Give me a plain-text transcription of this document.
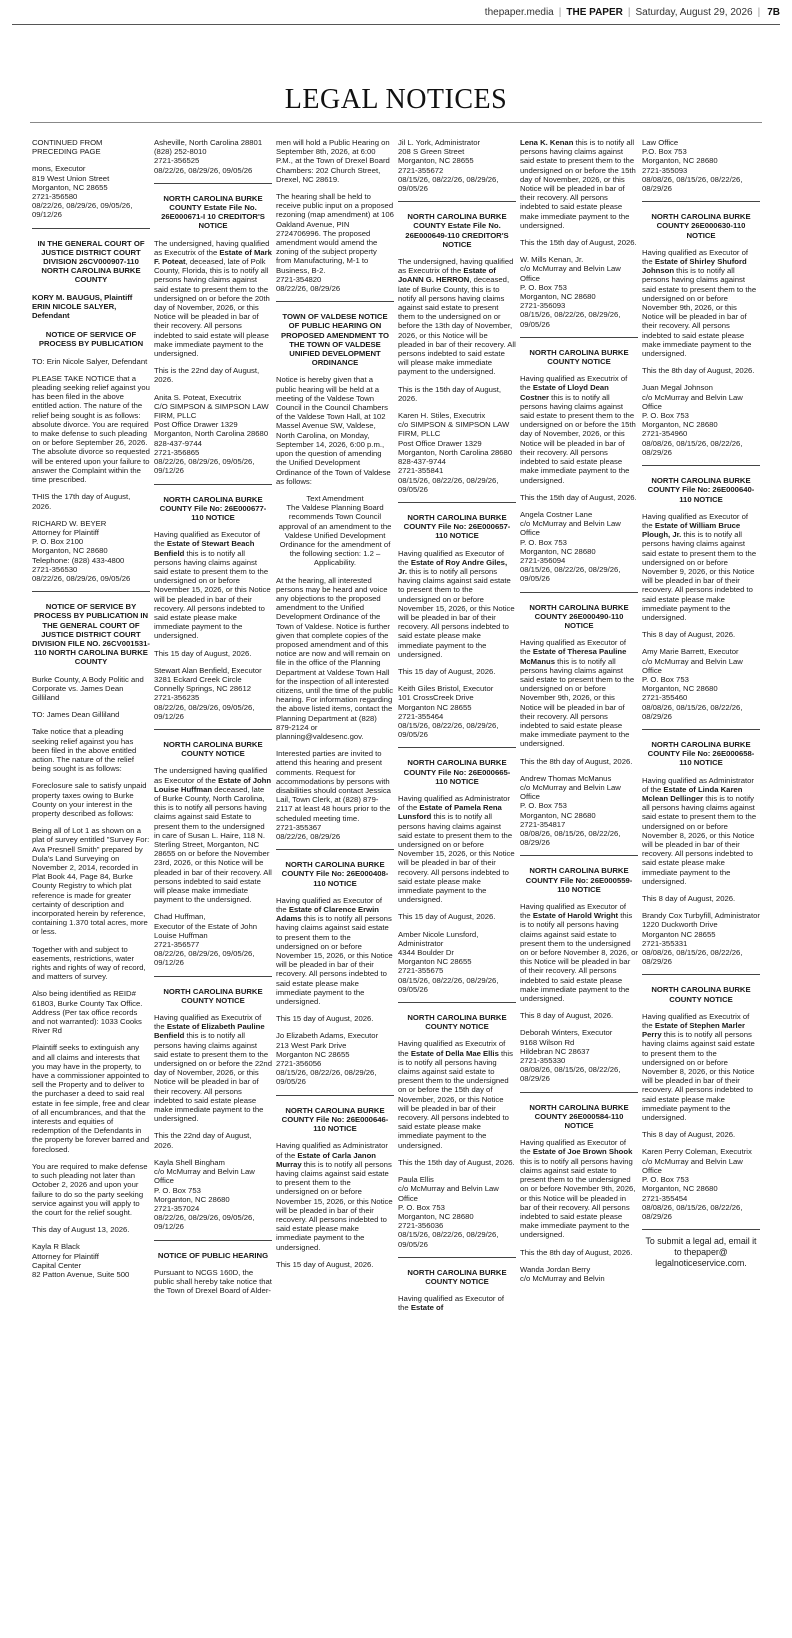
thepaper.media | THE PAPER | Saturday, August 29, 2026 | 7B
LEGAL NOTICES

CONTINUED FROM PRECEDING PAGE

mons, Executor
819 West Union Street
Morganton, NC 28655
2721-356580
08/22/26, 08/29/26, 09/05/26, 09/12/26

IN THE GENERAL COURT OF JUSTICE DISTRICT COURT DIVISION 26CV000907-110 NORTH CAROLINA BURKE COUNTY

KORY M. BAUGUS, Plaintiff
ERIN NICOLE SALYER, Defendant

NOTICE OF SERVICE OF PROCESS BY PUBLICATION

TO: Erin Nicole Salyer, Defendant

PLEASE TAKE NOTICE that a pleading seeking relief against you has been filed in the above entitled action. The nature of the relief being sought is as follows: absolute divorce. You are required to make defense to such pleading on or before September 26, 2026. The absolute divorce so requested will be entered upon your failure to answer the Complaint within the time prescribed.

THIS the 17th day of August, 2026.

RICHARD W. BEYER
Attorney for Plaintiff
P. O. Box 2100
Morganton, NC 28680
Telephone: (828) 433-4800
2721-356530
08/22/26, 08/29/26, 09/05/26

NOTICE OF SERVICE BY PROCESS BY PUBLICATION IN THE GENERAL COURT OF JUSTICE DISTRICT COURT DIVISION FILE NO. 26CV001531-110 NORTH CAROLINA BURKE COUNTY

Burke County, A Body Politic and Corporate vs. James Dean Gilliland

TO: James Dean Gilliland

Take notice that a pleading seeking relief against you has been filed in the above entitled action. The nature of the relief being sought is as follows:

Foreclosure sale to satisfy unpaid property taxes owing to Burke County on your interest in the property described as follows:

Being all of Lot 1 as shown on a plat of survey entitled "Survey For: Ava Presnell Smith" prepared by Dula's Land Surveying on November 2, 2014, recorded in Plat Book 44, Page 84, Burke County Registry to which plat reference is made for greater certainty of description and incorporated herein by reference, containing 1.370 total acres, more or less.

Together with and subject to easements, restrictions, water rights and rights of way of record, and matters of survey.

Also being identified as REID# 61803, Burke County Tax Office.
Address (Per tax office records and not warranted): 1033 Cooks River Rd

Plaintiff seeks to extinguish any and all claims and interests that you may have in the property, to have a commissioner appointed to sell the Property and to deliver to the purchaser a deed to said real estate in fee simple, free and clear of all encumbrances, and that the interests and equities of redemption of the Defendants in the property be forever barred and foreclosed.

You are required to make defense to such pleading not later than October 2, 2026 and upon your failure to do so the party seeking service against you will apply to the court for the relief sought.

This day of August 13, 2026.

Kayla R Black
Attorney for Plaintiff
Capital Center
82 Patton Avenue, Suite 500

Asheville, North Carolina 28801
(828) 252-8010
2721-356525
08/22/26, 08/29/26, 09/05/26

NORTH CAROLINA BURKE COUNTY Estate File No. 26E000671-I 10 CREDITOR'S NOTICE

The undersigned, having qualified as Executrix of the Estate of Mark F. Poteat, deceased, late of Polk County, Florida, this is to notify all persons having claims against said estate to present them to the undersigned on or before the 20th day of November, 2026, or this Notice will be pleaded in bar of their recovery. All persons indebted to said estate will please make immediate payment to the undersigned.

This is the 22nd day of August, 2026.

Anita S. Poteat, Executrix
C/O SIMPSON & SIMPSON LAW FIRM, PLLC
Post Office Drawer 1329
Morganton, North Carolina 28680
828-437-9744
2721-356865
08/22/26, 08/29/26, 09/05/26, 09/12/26

NORTH CAROLINA BURKE COUNTY File No: 26E000677-110 NOTICE

Having qualified as Executor of the Estate of Stewart Beach Benfield this is to notify all persons having claims against said estate to present them to the undersigned on or before November 15, 2026, or this Notice will be pleaded in bar of their recovery. All persons indebted to said estate please make immediate payment to the undersigned.

This 15 day of August, 2026.

Stewart Alan Benfield, Executor
3281 Eckard Creek Circle
Connelly Springs, NC 28612
2721-356235
08/22/26, 08/29/26, 09/05/26, 09/12/26

NORTH CAROLINA BURKE COUNTY NOTICE

The undersigned having qualified as Executor of the Estate of John Louise Huffman deceased, late of Burke County, North Carolina, this is to notify all persons having claims against said Estate to present them to the undersigned in care of Susan L. Haire, 118 N. Sterling Street, Morganton, NC 28655 on or before the November 23rd, 2026, or this Notice will be pleaded in bar of their recovery. All persons indebted to said estate will please make immediate payment to the undersigned.

Chad Huffman,
Executor of the Estate of John Louise Huffman
2721-356577
08/22/26, 08/29/26, 09/05/26, 09/12/26

NORTH CAROLINA BURKE COUNTY NOTICE

Having qualified as Executrix of the Estate of Elizabeth Pauline Benfield this is to notify all persons having claims against said estate to present them to the undersigned on or before the 22nd day of November, 2026, or this Notice will be pleaded in bar of their recovery. All persons indebted to said estate please make immediate payment to the undersigned.

This the 22nd day of August, 2026.

Kayla Shell Bingham
c/o McMurray and Belvin Law Office
P. O. Box 753
Morganton, NC 28680
2721-357024
08/22/26, 08/29/26, 09/05/26, 09/12/26

NOTICE OF PUBLIC HEARING

Pursuant to NCGS 160D, the public shall hereby take notice that the Town of Drexel Board of Alder-

men will hold a Public Hearing on September 8th, 2026, at 6:00 P.M., at the Town of Drexel Board Chambers: 202 Church Street, Drexel, NC 28619.

The hearing shall be held to receive public input on a proposed rezoning (map amendment) at 106 Oakland Avenue, PIN 2724706996. The proposed amendment would amend the zoning of the subject property from Manufacturing, M-1 to Business, B-2.
2721-354820
08/22/26, 08/29/26

TOWN OF VALDESE NOTICE OF PUBLIC HEARING ON PROPOSED AMENDMENT TO THE TOWN OF VALDESE UNIFIED DEVELOPMENT ORDINANCE

Notice is hereby given that a public hearing will be held at a meeting of the Valdese Town Council in the Council Chambers of the Valdese Town Hall, at 102 Massel Avenue SW, Valdese, North Carolina, on Monday, September 14, 2026, 6:00 p.m., upon the question of amending the Unified Development Ordinance of the Town of Valdese as follows:

Text Amendment
The Valdese Planning Board recommends Town Council approval of an amendment to the Valdese Unified Development Ordinance for the amendment of the following section: 1.2 – Applicability.

At the hearing, all interested persons may be heard and voice any objections to the proposed amendment to the Unified Development Ordinance of the Town of Valdese. Notice is further given that complete copies of the proposed amendment and of this notice are now and will remain on file in the office of the Planning Department at Valdese Town Hall for the inspection of all interested citizens, until the time of the public hearing. For information regarding the above listed items, contact the Planning Department at (828) 879-2124 or planning@valdesenc.gov.

Interested parties are invited to attend this hearing and present comments. Request for accommodations by persons with disabilities should contact Jessica Lail, Town Clerk, at (828) 879-2117 at least 48 hours prior to the scheduled meeting time.
2721-355367
08/22/26, 08/29/26

NORTH CAROLINA BURKE COUNTY File No: 26E000408-110 NOTICE

Having qualified as Executor of the Estate of Clarence Erwin Adams this is to notify all persons having claims against said estate to present them to the undersigned on or before November 15, 2026, or this Notice will be pleaded in bar of their recovery. All persons indebted to said estate please make immediate payment to the undersigned.

This 15 day of August, 2026.

Jo Elizabeth Adams, Executor
213 West Park Drive
Morganton NC 28655
2721-356056
08/15/26, 08/22/26, 08/29/26, 09/05/26

NORTH CAROLINA BURKE COUNTY File No: 26E000646-110 NOTICE

Having qualified as Administrator of the Estate of Carla Janon Murray this is to notify all persons having claims against said estate to present them to the undersigned on or before November 15, 2026, or this Notice will be pleaded in bar of their recovery. All persons indebted to said estate please make immediate payment to the undersigned.

This 15 day of August, 2026.

Jil L. York, Administrator
208 S Green Street
Morganton, NC 28655
2721-355672
08/15/26, 08/22/26, 08/29/26, 09/05/26

NORTH CAROLINA BURKE COUNTY Estate File No. 26E000649-110 CREDITOR'S NOTICE

The undersigned, having qualified as Executrix of the Estate of JoANN G. HERRON, deceased, late of Burke County, this is to notify all persons having claims against said estate to present them to the undersigned on or before the 13th day of November, 2026, or this Notice will be pleaded in bar of their recovery. All persons indebted to said estate will please make immediate payment to the undersigned.

This is the 15th day of August, 2026.

Karen H. Stiles, Executrix
c/o SIMPSON & SIMPSON LAW FIRM, PLLC
Post Office Drawer 1329
Morganton, North Carolina 28680
828-437-9744
2721-355841
08/15/26, 08/22/26, 08/29/26, 09/05/26

NORTH CAROLINA BURKE COUNTY File No: 26E000657-110 NOTICE

Having qualified as Executor of the Estate of Roy Andre Giles, Jr. this is to notify all persons having claims against said estate to present them to the undersigned on or before November 15, 2026, or this Notice will be pleaded in bar of their recovery. All persons indebted to said estate please make immediate payment to the undersigned.

This 15 day of August, 2026.

Keith Giles Bristol, Executor
101 CrossCreek Drive
Morganton NC 28655
2721-355464
08/15/26, 08/22/26, 08/29/26, 09/05/26

NORTH CAROLINA BURKE COUNTY File No: 26E000665-110 NOTICE

Having qualified as Administrator of the Estate of Pamela Rena Lunsford this is to notify all persons having claims against said estate to present them to the undersigned on or before November 15, 2026, or this Notice will be pleaded in bar of their recovery. All persons indebted to said estate please make immediate payment to the undersigned.

This 15 day of August, 2026.

Amber Nicole Lunsford, Administrator
4344 Boulder Dr
Morganton NC 28655
2721-355675
08/15/26, 08/22/26, 08/29/26, 09/05/26

NORTH CAROLINA BURKE COUNTY NOTICE

Having qualified as Executrix of the Estate of Della Mae Ellis this is to notify all persons having claims against said estate to present them to the undersigned on or before the 15th day of November, 2026, or this Notice will be pleaded in bar of their recovery. All persons indebted to said estate please make immediate payment to the undersigned.

This the 15th day of August, 2026.

Paula Ellis
c/o McMurray and Belvin Law Office
P. O. Box 753
Morganton, NC 28680
2721-356036
08/15/26, 08/22/26, 08/29/26, 09/05/26

NORTH CAROLINA BURKE COUNTY NOTICE

Having qualified as Executor of the Estate of

Lena K. Kenan this is to notify all persons having claims against said estate to present them to the undersigned on or before the 15th day of November, 2026, or this Notice will be pleaded in bar of their recovery. All persons indebted to said estate please make immediate payment to the undersigned.

This the 15th day of August, 2026.

W. Mills Kenan, Jr.
c/o McMurray and Belvin Law Office
P. O. Box 753
Morganton, NC 28680
2721-356093
08/15/26, 08/22/26, 08/29/26, 09/05/26

NORTH CAROLINA BURKE COUNTY NOTICE

Having qualified as Executrix of the Estate of Lloyd Dean Costner this is to notify all persons having claims against said estate to present them to the undersigned on or before the 15th day of November, 2026, or this Notice will be pleaded in bar of their recovery. All persons indebted to said estate please make immediate payment to the undersigned.

This the 15th day of August, 2026.

Angela Costner Lane
c/o McMurray and Belvin Law Office
P. O. Box 753
Morganton, NC 28680
2721-356094
08/15/26, 08/22/26, 08/29/26, 09/05/26

NORTH CAROLINA BURKE COUNTY 26E000490-110 NOTICE

Having qualified as Executor of the Estate of Theresa Pauline McManus this is to notify all persons having claims against said estate to present them to the undersigned on or before November 9th, 2026, or this Notice will be pleaded in bar of their recovery. All persons indebted to said estate please make immediate payment to the undersigned.

This the 8th day of August, 2026.

Andrew Thomas McManus
c/o McMurray and Belvin Law Office
P. O. Box 753
Morganton, NC 28680
2721-354817
08/08/26, 08/15/26, 08/22/26, 08/29/26

NORTH CAROLINA BURKE COUNTY File No: 26E000559-110 NOTICE

Having qualified as Executor of the Estate of Harold Wright this is to notify all persons having claims against said estate to present them to the undersigned on or before November 8, 2026, or this Notice will be pleaded in bar of their recovery. All persons indebted to said estate please make immediate payment to the undersigned.

This 8 day of August, 2026.

Deborah Winters, Executor
9168 Wilson Rd
Hildebran NC 28637
2721-355330
08/08/26, 08/15/26, 08/22/26, 08/29/26

NORTH CAROLINA BURKE COUNTY 26E000584-110 NOTICE

Having qualified as Executor of the Estate of Joe Brown Shook this is to notify all persons having claims against said estate to present them to the undersigned on or before November 9th, 2026, or this Notice will be pleaded in bar of their recovery. All persons indebted to said estate please make immediate payment to the undersigned.

This the 8th day of August, 2026.

Wanda Jordan Berry
c/o McMurray and Belvin

Law Office
P.O. Box 753
Morganton, NC 28680
2721-355093
08/08/26, 08/15/26, 08/22/26, 08/29/26

NORTH CAROLINA BURKE COUNTY 26E000630-110 NOTICE

Having qualified as Executor of the Estate of Shirley Shuford Johnson this is to notify all persons having claims against said estate to present them to the undersigned on or before November 9th, 2026, or this Notice will be pleaded in bar of their recovery. All persons indebted to said estate please make immediate payment to the undersigned.

This the 8th day of August, 2026.

Juan Megal Johnson
c/o McMurray and Belvin Law Office
P. O. Box 753
Morganton, NC 28680
2721-354960
08/08/26, 08/15/26, 08/22/26, 08/29/26

NORTH CAROLINA BURKE COUNTY File No: 26E000640-110 NOTICE

Having qualified as Executor of the Estate of William Bruce Plough, Jr. this is to notify all persons having claims against said estate to present them to the undersigned on or before November 9, 2026, or this Notice will be pleaded in bar of their recovery. All persons indebted to said estate please make immediate payment to the undersigned.

This 8 day of August, 2026.

Amy Marie Barrett, Executor
c/o McMurray and Belvin Law Office
P. O. Box 753
Morganton, NC 28680
2721-355460
08/08/26, 08/15/26, 08/22/26, 08/29/26

NORTH CAROLINA BURKE COUNTY File No: 26E000658-110 NOTICE

Having qualified as Administrator of the Estate of Linda Karen Mclean Dellinger this is to notify all persons having claims against said estate to present them to the undersigned on or before November 8, 2026, or this Notice will be pleaded in bar of their recovery. All persons indebted to said estate please make immediate payment to the undersigned.

This 8 day of August, 2026.

Brandy Cox Turbyfill, Administrator
1220 Duckworth Drive
Morganton NC 28655
2721-355331
08/08/26, 08/15/26, 08/22/26, 08/29/26

NORTH CAROLINA BURKE COUNTY NOTICE

Having qualified as Executrix of the Estate of Stephen Marler Perry this is to notify all persons having claims against said estate to present them to the undersigned on or before November 8, 2026, or this Notice will be pleaded in bar of their recovery. All persons indebted to said estate please make immediate payment to the undersigned.

This 8 day of August, 2026.

Karen Perry Coleman, Executrix
c/o McMurray and Belvin Law Office
P. O. Box 753
Morganton, NC 28680
2721-355454
08/08/26, 08/15/26, 08/22/26, 08/29/26

To submit a legal ad, email it to thepaper@ legalnoticeservice.com.
